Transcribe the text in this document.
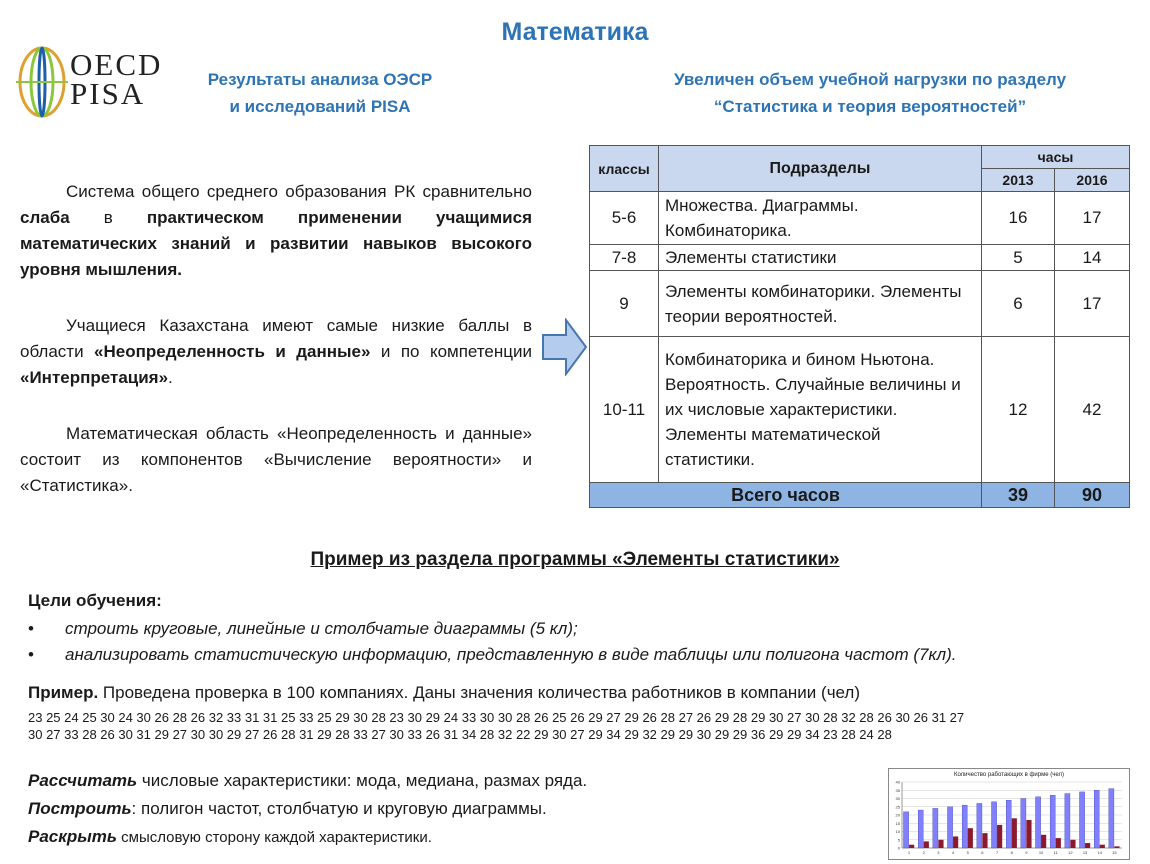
Математика
OECD
PISA	Результаты анализа ОЭСР
и исследований PISA
Увеличен объем учебной нагрузки по разделу
“Статистика и теория вероятностей”

Система общего среднего образования РК сравнительно слаба в практическом применении учащимися математических знаний и развитии навыков высокого уровня мышления.

Учащиеся Казахстана имеют самые низкие баллы в области «Неопределенность и данные» и по компетенции «Интерпретация».

Математическая область «Неопределенность и данные» состоит из компонентов «Вычисление вероятности» и «Статистика».

классы	Подразделы	часы	
		2013	2016
5-6	Множества. Диаграммы. Комбинаторика.	16	17
7-8	Элементы статистики	5	14
9	Элементы комбинаторики. Элементы теории вероятностей.	6	17
10-11	Комбинаторика и бином Ньютона. Вероятность. Случайные величины и их числовые характеристики. Элементы математической статистики.	12	42
Всего часов		39	90
Пример из раздела программы «Элементы статистики»
Цели обучения:
• строить круговые, линейные и столбчатые диаграммы (5 кл);
• анализировать статистическую информацию, представленную в виде таблицы или полигона частот (7кл).
Пример. Проведена проверка в 100 компаниях. Даны значения количества работников в компании (чел)
23 25 24 25 30 24 30 26 28 26 32 33 31 31 25 33 25 29 30 28 23 30 29 24 33 30 30 28 26 25 26 29 27 29 26 28 27 26 29 28 29 30 27 30 28 32 28 26 30 26 31 27 30 27 33 28 26 30 31 29 27 30 30 29 27 26 28 31 29 28 33 27 30 33 26 31 34 28 32 22 29 30 27 29 34 29 32 29 29 30 29 29 36 29 29 34 23 28 24 28
Рассчитать числовые характеристики: мода, медиана, размах ряда.
Построить: полигон частот, столбчатую и круговую диаграммы.
Раскрыть смысловую сторону каждой характеристики.
Количество работающих в фирме (чел)
40
35
30
25
20
15
10
5
0
1	2	3	4	5	6	7	8	9	10	11	12	13	14	15
